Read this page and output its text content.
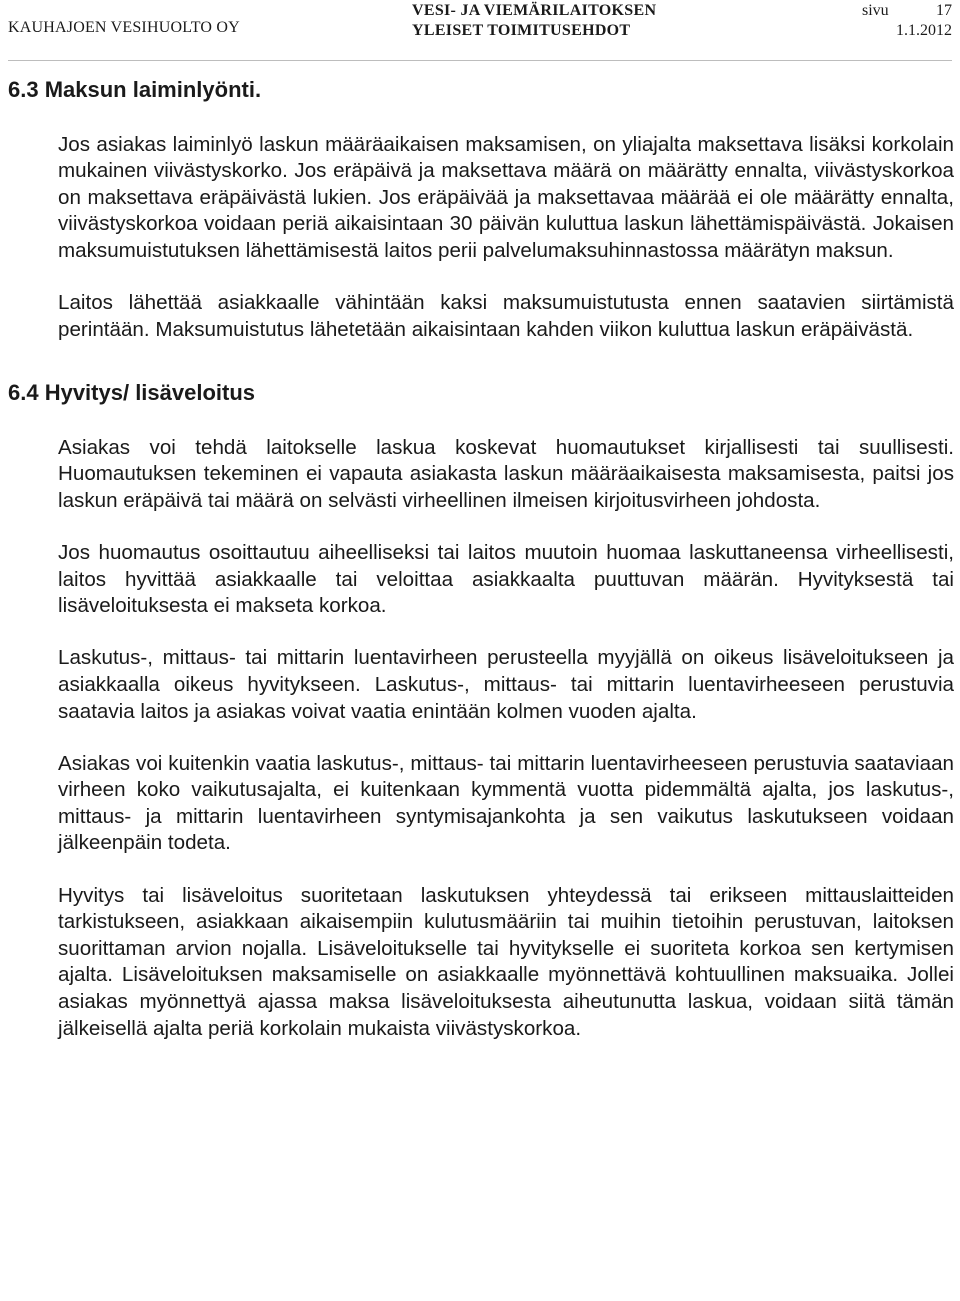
KAUHAJOEN VESIHUOLTO OY
VESI- JA VIEMÄRILAITOKSEN
YLEISET TOIMITUSEHDOT
sivu	17
1.1.2012
6.3 Maksun laiminlyönti.

Jos asiakas laiminlyö laskun määräaikaisen maksamisen, on yliajalta maksettava lisäksi korkolain mukainen viivästyskorko. Jos eräpäivä ja maksettava määrä on määrätty ennalta, viivästyskorkoa on maksettava eräpäivästä lukien. Jos eräpäivää ja maksettavaa määrää ei ole määrätty ennalta, viivästyskorkoa voidaan periä aikaisintaan 30 päivän kuluttua laskun lähettämispäivästä. Jokaisen maksumuistutuksen lähettämisestä laitos perii palvelumaksuhinnastossa määrätyn maksun.

Laitos lähettää asiakkaalle vähintään kaksi maksumuistutusta ennen saatavien siirtämistä perintään. Maksumuistutus lähetetään aikaisintaan kahden viikon kuluttua laskun eräpäivästä.

6.4 Hyvitys/ lisäveloitus

Asiakas voi tehdä laitokselle laskua koskevat huomautukset kirjallisesti tai suullisesti. Huomautuksen tekeminen ei vapauta asiakasta laskun määräaikaisesta maksamisesta, paitsi jos laskun eräpäivä tai määrä on selvästi virheellinen ilmeisen kirjoitusvirheen johdosta.

Jos huomautus osoittautuu aiheelliseksi tai laitos muutoin huomaa laskuttaneensa virheellisesti, laitos hyvittää asiakkaalle tai veloittaa asiakkaalta puuttuvan määrän. Hyvityksestä tai lisäveloituksesta ei makseta korkoa.

Laskutus-, mittaus- tai mittarin luentavirheen perusteella myyjällä on oikeus lisäveloitukseen ja asiakkaalla oikeus hyvitykseen. Laskutus-, mittaus- tai mittarin luentavirheeseen perustuvia saatavia laitos ja asiakas voivat vaatia enintään kolmen vuoden ajalta.

Asiakas voi kuitenkin vaatia laskutus-, mittaus- tai mittarin luentavirheeseen perustuvia saataviaan virheen koko vaikutusajalta, ei kuitenkaan kymmentä vuotta pidemmältä ajalta, jos laskutus-, mittaus- ja mittarin luentavirheen syntymisajankohta ja sen vaikutus laskutukseen voidaan jälkeenpäin todeta.

Hyvitys tai lisäveloitus suoritetaan laskutuksen yhteydessä tai erikseen mittauslaitteiden tarkistukseen, asiakkaan aikaisempiin kulutusmääriin tai muihin tietoihin perustuvan, laitoksen suorittaman arvion nojalla. Lisäveloitukselle tai hyvitykselle ei suoriteta korkoa sen kertymisen ajalta. Lisäveloituksen maksamiselle on asiakkaalle myönnettävä kohtuullinen maksuaika. Jollei asiakas myönnettyä ajassa maksa lisäveloituksesta aiheutunutta laskua, voidaan siitä tämän jälkeisellä ajalta periä korkolain mukaista viivästyskorkoa.
